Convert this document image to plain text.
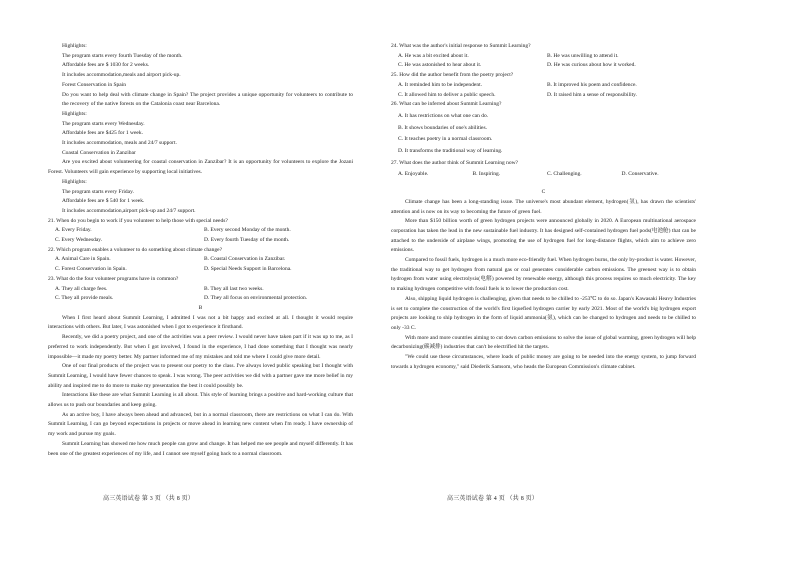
Highlights:

The program starts every fourth Tuesday of the month.

Affordable fees are $ 1030 for 2 weeks.

It includes accommodation,meals and airport pick-up.

Forest Conservation in Spain

Do you want to help deal with climate change in Spain? The project provides a unique opportunity for volunteers to contribute to the recovery of the native forests on the Catalonia coast near Barcelona.

Highlights:

The program starts every Wednesday.

Affordable fees are $425 for 1 week.

It includes accommodation, meals and 24/7 support.

Coastal Conservation in Zanzibar

Are you excited about volunteering for coastal conservation in Zanzibar? It is an opportunity for volunteers to explore the Jozani Forest. Volunteers will gain experience by supporting local initiatives.

Highlights:

The program starts every Friday.

Affordable fees are $ 540 for 1 week.

It includes accommodation,airport pick-up and 24/7 support.

21. When do you begin to work if you volunteer to help those with special needs?

A. Every Friday.	B. Every second Monday of the month.
C. Every Wednesday.	D. Every fourth Tuesday of the month.

22. Which program enables a volunteer to do something about climate change?

A. Animal Care in Spain.	B. Coastal Conservation in Zanzibar.
C. Forest Conservation in Spain.	D. Special Needs Support in Barcelona.

23. What do the four volunteer programs have in common?

A. They all charge fees.	B. They all last two weeks.
C. They all provide meals.	D. They all focus on environmental protection.

B

When I first heard about Summit Learning, I admitted I was not a bit happy and excited at all. I thought it would require interactions with others. But later, I was astonished when I got to experience it firsthand.

Recently, we did a poetry project, and one of the activities was a peer review. I would never have taken part if it was up to me, as I preferred to work independently. But when I got involved, I found in the experience, I had done something that I thought was nearly impossible—it made my poetry better. My partner informed me of my mistakes and told me where I could give more detail.

One of our final products of the project was to present our poetry to the class. I've always loved public speaking but I thought with Summit Learning, I would have fewer chances to speak. I was wrong. The peer activities we did with a partner gave me more belief in my ability and inspired me to do more to make my presentation the best it could possibly be.

Interactions like these are what Summit Learning is all about. This style of learning brings a positive and hard-working culture that allows us to push our boundaries and keep going.

As an active boy, I have always been ahead and advanced, but in a normal classroom, there are restrictions on what I can do. With Summit Learning, I can go beyond expectations in projects or move ahead in learning new content when I'm ready. I have ownership of my work and pursue my goals.

Summit Learning has showed me how much people can grow and change. It has helped me see people and myself differently. It has been one of the greatest experiences of my life, and I cannot see myself going back to a normal classroom.

高三英语试卷 第 3 页 （共 8 页）

24. What was the author's initial response to Summit Learning?

A. He was a bit excited about it.	B. He was unwilling to attend it.
C. He was astonished to hear about it.	D. He was curious about how it worked.

25. How did the author benefit from the poetry project?

A. It reminded him to be independent.	B. It improved his poem and confidence.
C. It allowed him to deliver a public speech.	D. It raised him a sense of responsibility.

26. What can be inferred about Summit Learning?

A. It has restrictions on what one can do.

B. It shows boundaries of one's abilities.

C. It teaches poetry in a normal classroom.

D. It transforms the traditional way of learning.

27. What does the author think of Summit Learning now?

A. Enjoyable.	B. Inspiring.	C. Challenging.	D. Conservative.

C

Climate change has been a long-standing issue. The universe's most abundant element, hydrogen(氢), has drawn the scientists' attention and is now on its way to becoming the future of green fuel.

More than $150 billion worth of green hydrogen projects were announced globally in 2020. A European multinational aerospace corporation has taken the lead in the new sustainable fuel industry. It has designed self-contained hydrogen fuel pods(电池舱) that can be attached to the underside of airplane wings, promoting the use of hydrogen fuel for long-distance flights, which aim to achieve zero emissions.

Compared to fossil fuels, hydrogen is a much more eco-friendly fuel. When hydrogen burns, the only by-product is water. However, the traditional way to get hydrogen from natural gas or coal generates considerable carbon emissions. The greenest way is to obtain hydrogen from water using electrolysis(电解) powered by renewable energy, although this process requires so much electricity. The key to making hydrogen competitive with fossil fuels is to lower the production cost.

Also, shipping liquid hydrogen is challenging, given that needs to be chilled to -253℃ to do so. Japan's Kawasaki Heavy Industries is set to complete the construction of the world's first liquefied hydrogen carrier by early 2021. Most of the world's big hydrogen export projects are looking to ship hydrogen in the form of liquid ammonia(氨), which can be changed to hydrogen and needs to be chilled to only -33 C.

With more and more countries aiming to cut down carbon emissions to solve the issue of global warming, green hydrogen will help decarbonizing(碳减排) industries that can't be electrified hit the targets.

"We could use these circumstances, where loads of public money are going to be needed into the energy system, to jump forward towards a hydrogen economy," said Diederik Samsom, who heads the European Commission's climate cabinet.

高三英语试卷 第 4 页 （共 8 页）
